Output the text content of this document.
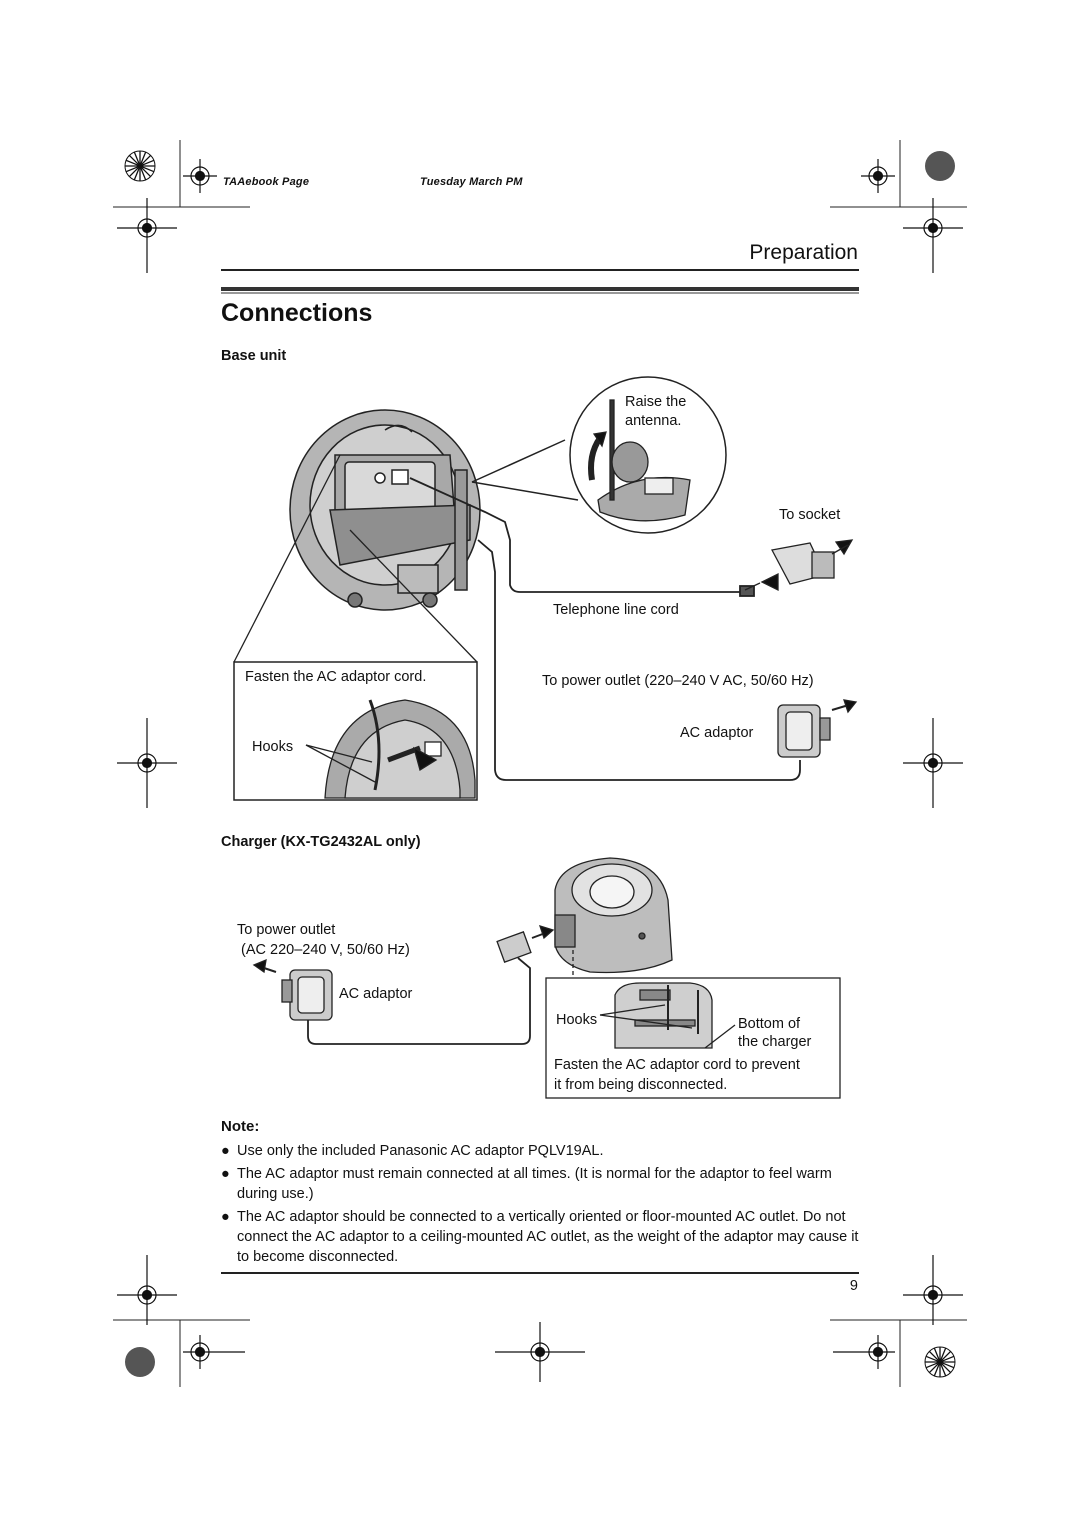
TAAebook Page	Tuesday March PM
Preparation
Connections
Base unit
Raise the
antenna.
To socket
Telephone line cord
Fasten the AC adaptor cord.	To power outlet (220–240 V AC, 50/60 Hz)
Hooks
AC adaptor
Charger (KX-TG2432AL only)
To power outlet
(AC 220–240 V, 50/60 Hz)
AC adaptor
Hooks	Bottom of
the charger
Fasten the AC adaptor cord to prevent
it from being disconnected.
Note:
● Use only the included Panasonic AC adaptor PQLV19AL.
● The AC adaptor must remain connected at all times. (It is normal for the adaptor to feel warm during use.)
● The AC adaptor should be connected to a vertically oriented or floor-mounted AC outlet. Do not connect the AC adaptor to a ceiling-mounted AC outlet, as the weight of the adaptor may cause it to become disconnected.
9
